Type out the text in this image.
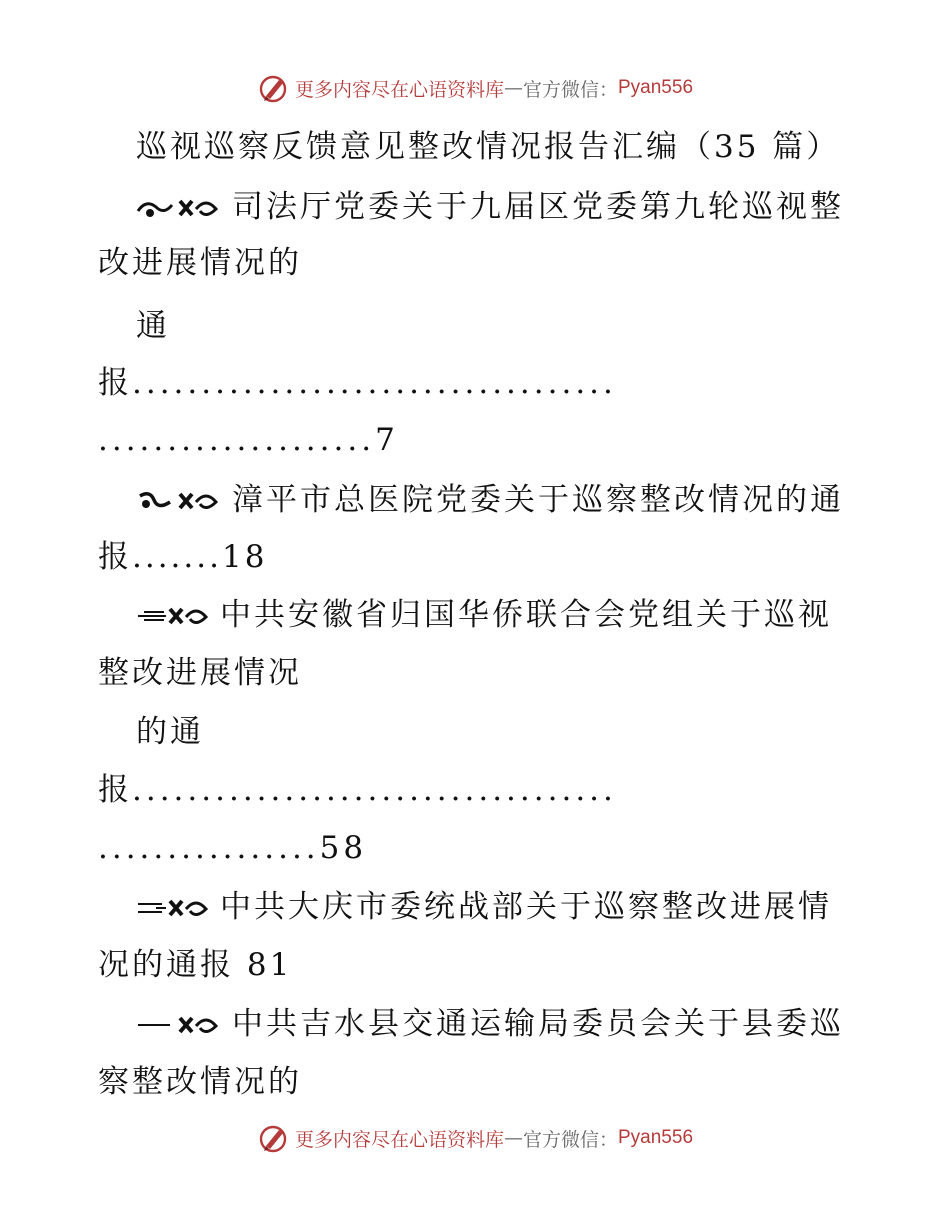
更多内容尽在心语资料库 — 官方微信： Pyan556
巡视巡察反馈意见整改情况报告汇编（35 篇）
司法厅党委关于九届区党委第九轮巡视整
改进展情况的
通
报...................................
....................7
漳平市总医院党委关于巡察整改情况的通
报.......18
中共安徽省归国华侨联合会党组关于巡视
整改进展情况
的通
报...................................
................58
中共大庆市委统战部关于巡察整改进展情
况的通报 81
中共吉水县交通运输局委员会关于县委巡
察整改情况的
更多内容尽在心语资料库 — 官方微信： Pyan556
